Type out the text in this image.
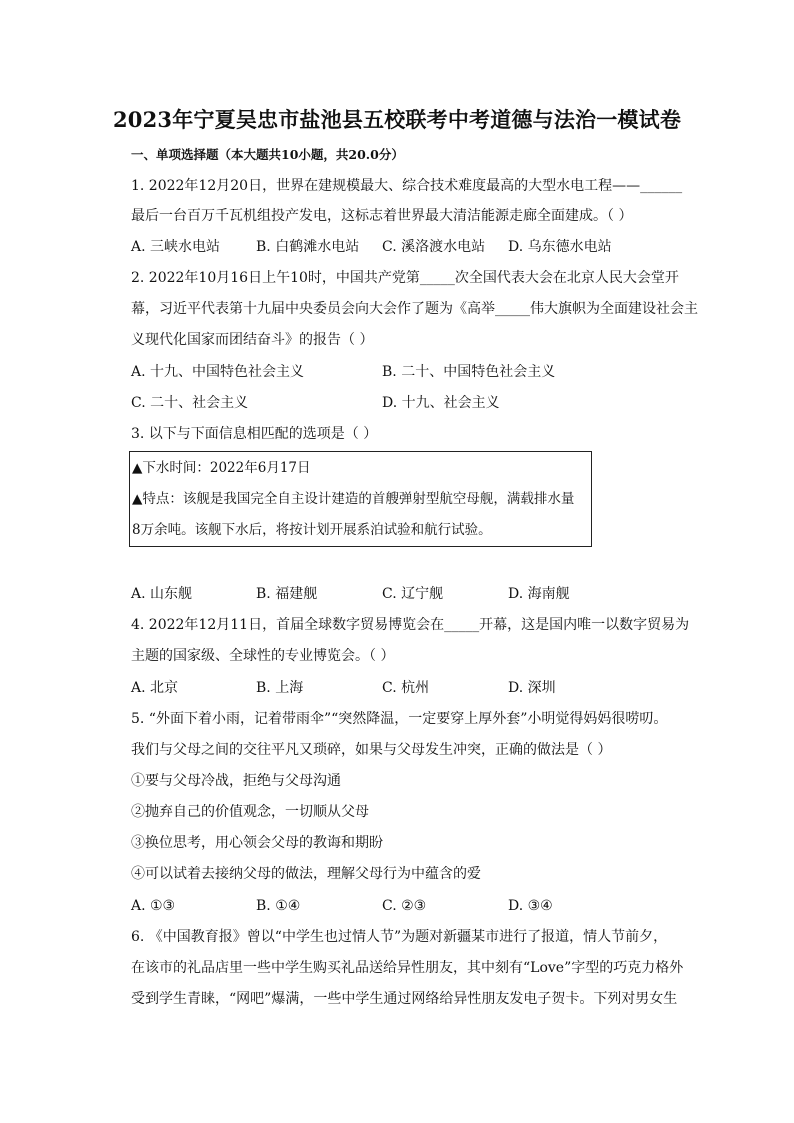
2023年宁夏吴忠市盐池县五校联考中考道德与法治一模试卷
一、单项选择题（本大题共10小题，共20.0分）
1. 2022年12月20日，世界在建规模最大、综合技术难度最高的大型水电工程——______
最后一台百万千瓦机组投产发电，这标志着世界最大清洁能源走廊全面建成。（ ）
A. 三峡水电站	B. 白鹤滩水电站 C. 溪洛渡水电站 D. 乌东德水电站
2. 2022年10月16日上午10时，中国共产党第_____次全国代表大会在北京人民大会堂开
幕，习近平代表第十九届中央委员会向大会作了题为《高举_____伟大旗帜为全面建设社会主
义现代化国家而团结奋斗》的报告（ ）
A. 十九、中国特色社会主义	B. 二十、中国特色社会主义
C. 二十、社会主义	D. 十九、社会主义
3. 以下与下面信息相匹配的选项是（ ）
▲下水时间：2022年6月17日
▲特点：该舰是我国完全自主设计建造的首艘弹射型航空母舰，满载排水量
8万余吨。该舰下水后，将按计划开展系泊试验和航行试验。
A. 山东舰	B. 福建舰	C. 辽宁舰	D. 海南舰
4. 2022年12月11日，首届全球数字贸易博览会在_____开幕，这是国内唯一以数字贸易为
主题的国家级、全球性的专业博览会。（ ）
A. 北京	B. 上海	C. 杭州	D. 深圳
5. “外面下着小雨，记着带雨伞”“突然降温，一定要穿上厚外套”小明觉得妈妈很唠叨。
我们与父母之间的交往平凡又琐碎，如果与父母发生冲突，正确的做法是（ ）
①要与父母冷战，拒绝与父母沟通
②抛弃自己的价值观念，一切顺从父母
③换位思考，用心领会父母的教诲和期盼
④可以试着去接纳父母的做法，理解父母行为中蕴含的爱
A. ①③	B. ①④	C. ②③	D. ③④
6. 《中国教育报》曾以“中学生也过情人节”为题对新疆某市进行了报道，情人节前夕，
在该市的礼品店里一些中学生购买礼品送给异性朋友，其中刻有“Love”字型的巧克力格外
受到学生青睐，“网吧”爆满，一些中学生通过网络给异性朋友发电子贺卡。下列对男女生
